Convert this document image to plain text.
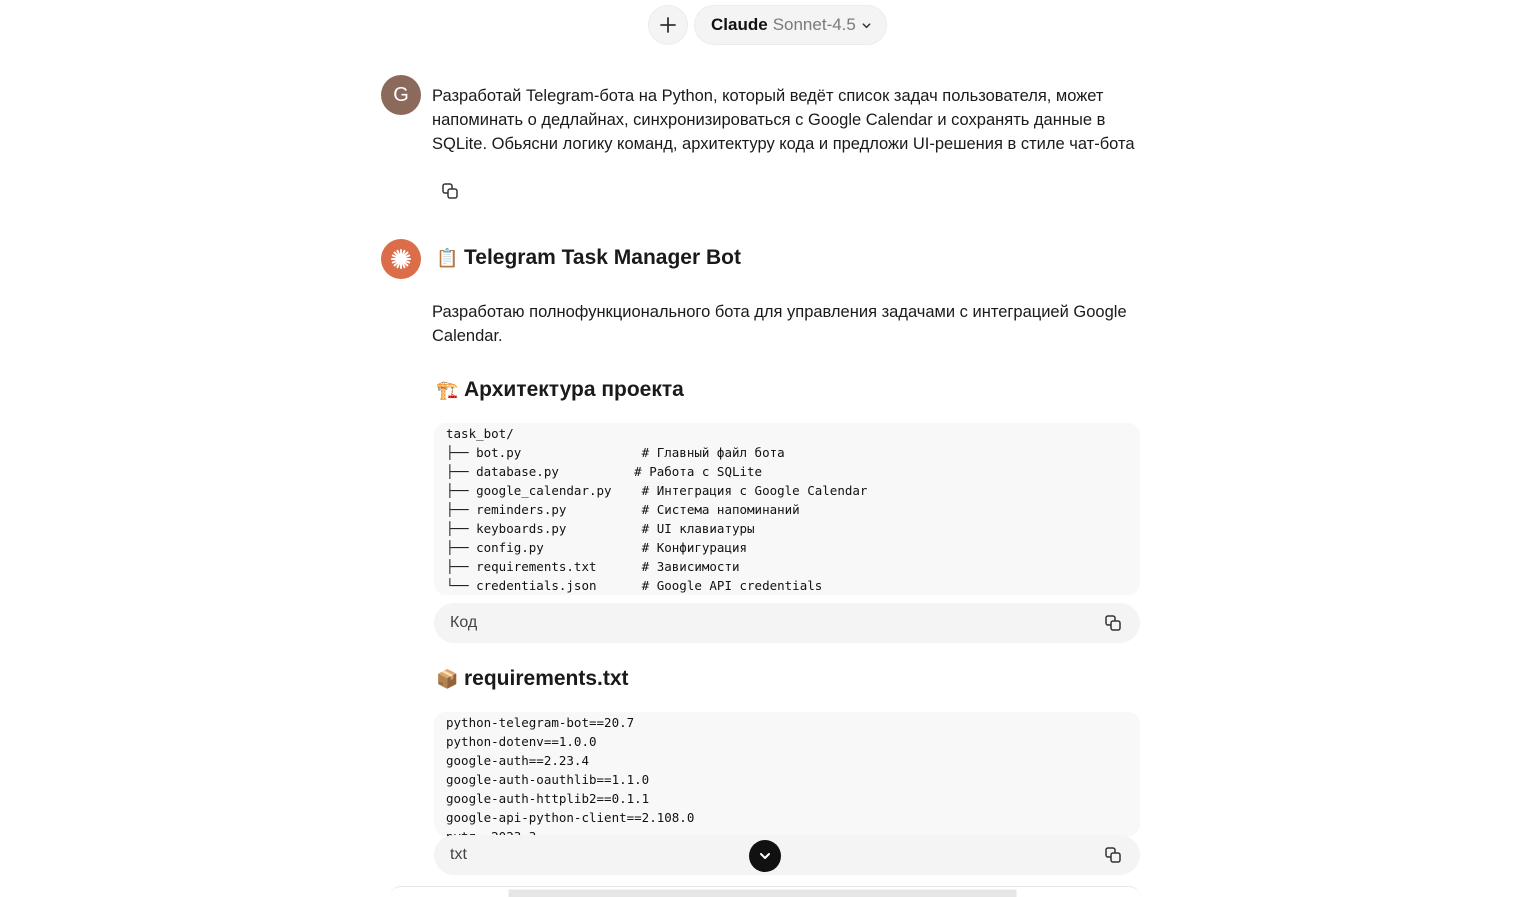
Claude Sonnet-4.5
G Разработай Telegram-бота на Python, который ведёт список задач пользователя, может напоминать о дедлайнах, синхронизироваться с Google Calendar и сохранять данные в SQLite. Обьясни логику команд, архитектуру кода и предложи UI-решения в стиле чат-бота
📋 Telegram Task Manager Bot
Разработаю полнофункционального бота для управления задачами с интеграцией Google Calendar.
🏗️ Архитектура проекта
task_bot/
├── bot.py                # Главный файл бота
├── database.py          # Работа с SQLite
├── google_calendar.py    # Интеграция с Google Calendar
├── reminders.py          # Система напоминаний
├── keyboards.py          # UI клавиатуры
├── config.py             # Конфигурация
├── requirements.txt      # Зависимости
└── credentials.json      # Google API credentials
Код
📦 requirements.txt
python-telegram-bot==20.7
python-dotenv==1.0.0
google-auth==2.23.4
google-auth-oauthlib==1.1.0
google-auth-httplib2==0.1.1
google-api-python-client==2.108.0
txt
